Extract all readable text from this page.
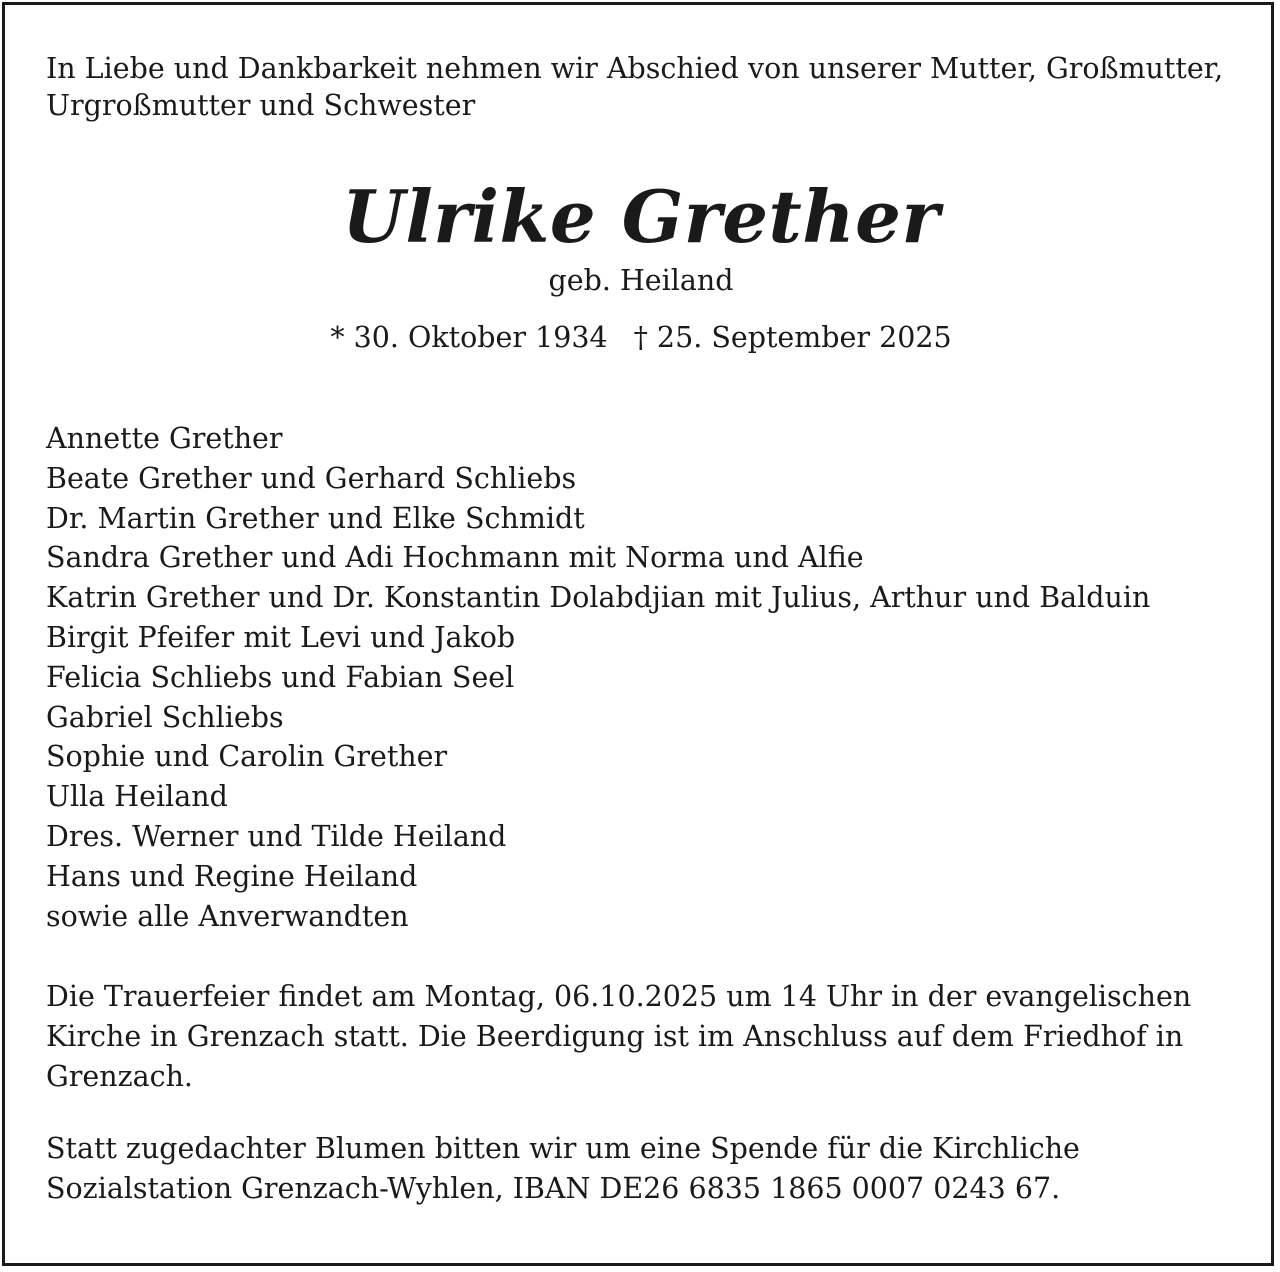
In Liebe und Dankbarkeit nehmen wir Abschied von unserer Mutter, Großmutter,
Urgroßmutter und Schwester

Ulrike Grether

geb. Heiland

* 30. Oktober 1934 † 25. September 2025

Annette Grether
Beate Grether und Gerhard Schliebs
Dr. Martin Grether und Elke Schmidt
Sandra Grether und Adi Hochmann mit Norma und Alfie
Katrin Grether und Dr. Konstantin Dolabdjian mit Julius, Arthur und Balduin
Birgit Pfeifer mit Levi und Jakob
Felicia Schliebs und Fabian Seel
Gabriel Schliebs
Sophie und Carolin Grether
Ulla Heiland
Dres. Werner und Tilde Heiland
Hans und Regine Heiland
sowie alle Anverwandten

Die Trauerfeier findet am Montag, 06.10.2025 um 14 Uhr in der evangelischen
Kirche in Grenzach statt. Die Beerdigung ist im Anschluss auf dem Friedhof in
Grenzach.

Statt zugedachter Blumen bitten wir um eine Spende für die Kirchliche
Sozialstation Grenzach-Wyhlen, IBAN DE26 6835 1865 0007 0243 67.
